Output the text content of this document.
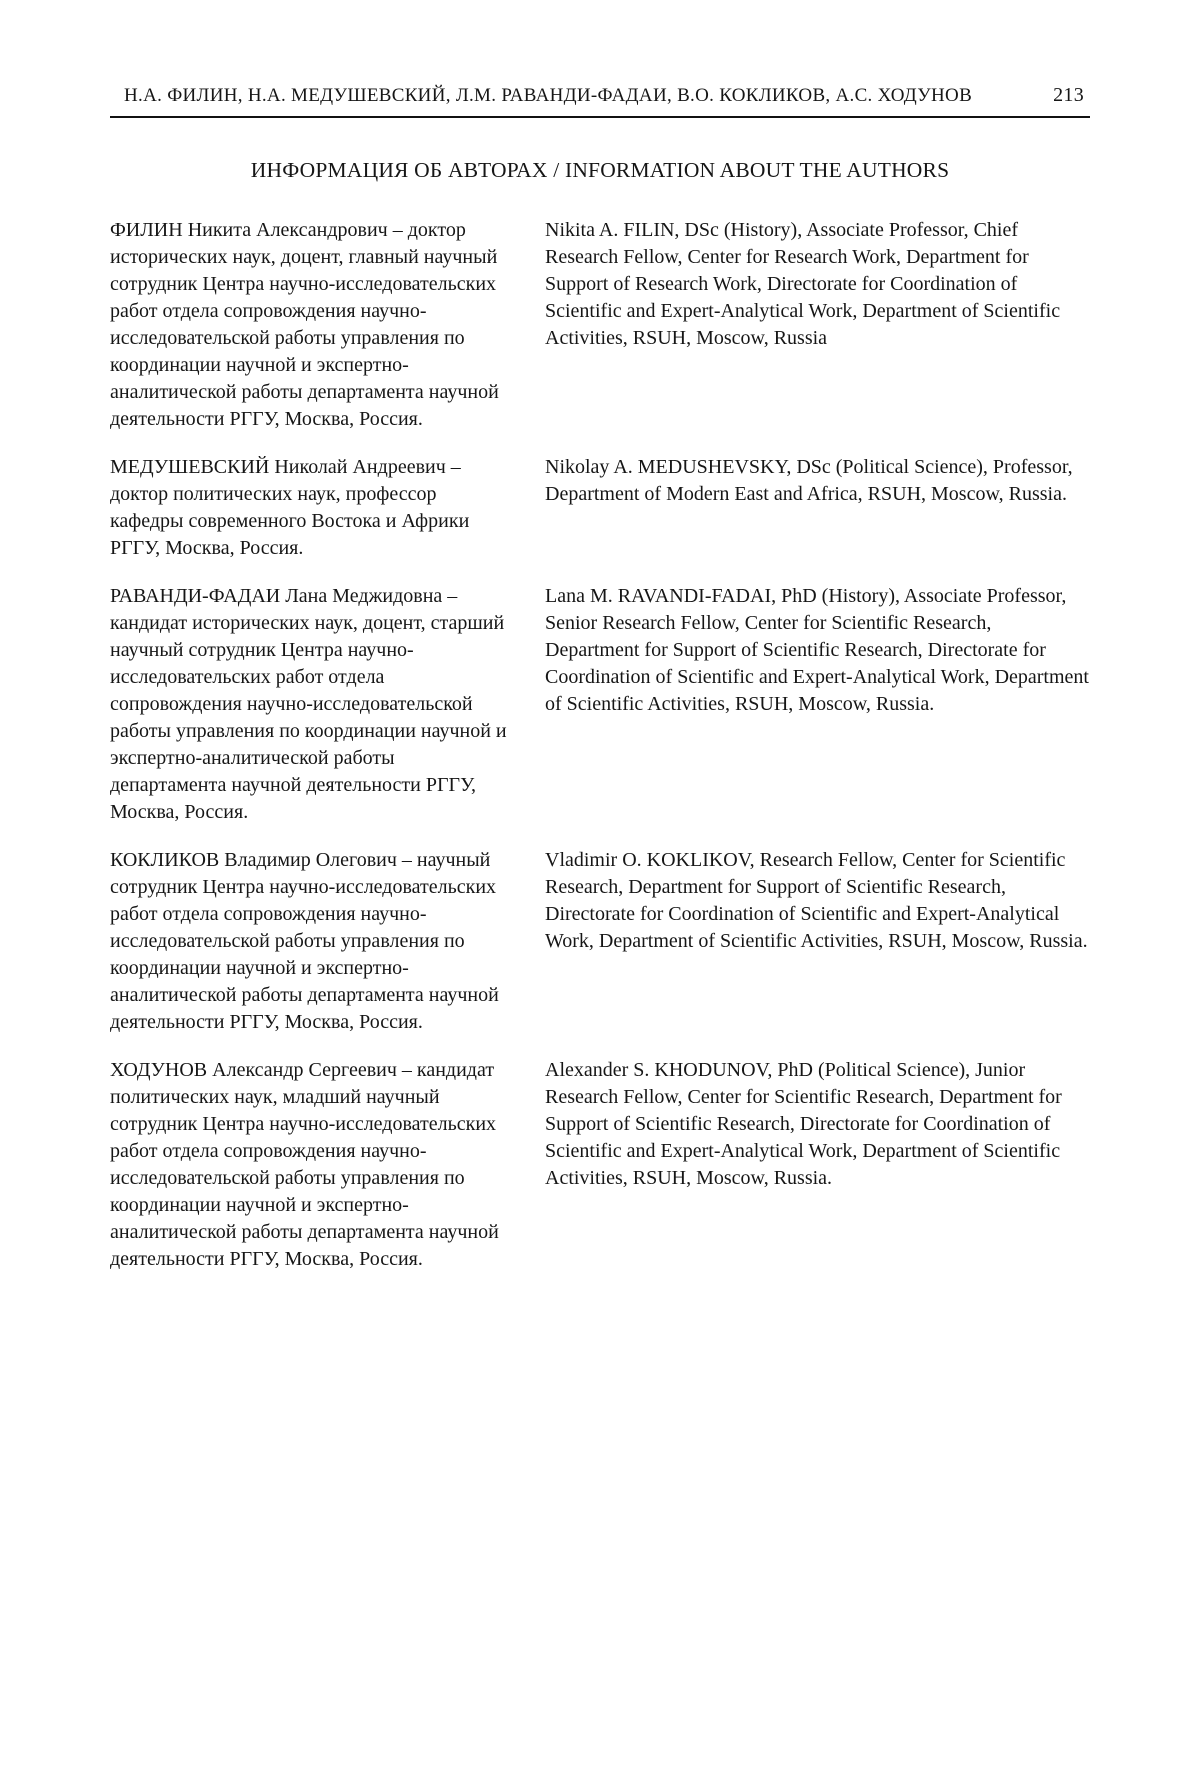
Н.А. ФИЛИН, Н.А. МЕДУШЕВСКИЙ, Л.М. РАВАНДИ-ФАДАИ, В.О. КОКЛИКОВ, А.С. ХОДУНОВ	213
ИНФОРМАЦИЯ ОБ АВТОРАХ / INFORMATION ABOUT THE AUTHORS

ФИЛИН Никита Александрович – доктор исторических наук, доцент, главный научный сотрудник Центра научно-исследовательских работ отдела сопровождения научно-исследовательской работы управления по координации научной и экспертно-аналитической работы департамента научной деятельности РГГУ, Москва, Россия.

Nikita A. FILIN, DSc (History), Associate Professor, Chief Research Fellow, Center for Research Work, Department for Support of Research Work, Directorate for Coordination of Scientific and Expert-Analytical Work, Department of Scientific Activities, RSUH, Moscow, Russia

МЕДУШЕВСКИЙ Николай Андреевич – доктор политических наук, профессор кафедры современного Востока и Африки РГГУ, Москва, Россия.

Nikolay A. MEDUSHEVSKY, DSc (Political Science), Professor, Department of Modern East and Africa, RSUH, Moscow, Russia.

РАВАНДИ-ФАДАИ Лана Меджидовна – кандидат исторических наук, доцент, старший научный сотрудник Центра научно-исследовательских работ отдела сопровождения научно-исследовательской работы управления по координации научной и экспертно-аналитической работы департамента научной деятельности РГГУ, Москва, Россия.

Lana M. RAVANDI-FADAI, PhD (History), Associate Professor, Senior Research Fellow, Center for Scientific Research, Department for Support of Scientific Research, Directorate for Coordination of Scientific and Expert-Analytical Work, Department of Scientific Activities, RSUH, Moscow, Russia.

КОКЛИКОВ Владимир Олегович – научный сотрудник Центра научно-исследовательских работ отдела сопровождения научно-исследовательской работы управления по координации научной и экспертно-аналитической работы департамента научной деятельности РГГУ, Москва, Россия.

Vladimir O. KOKLIKOV, Research Fellow, Center for Scientific Research, Department for Support of Scientific Research, Directorate for Coordination of Scientific and Expert-Analytical Work, Department of Scientific Activities, RSUH, Moscow, Russia.

ХОДУНОВ Александр Сергеевич – кандидат политических наук, младший научный сотрудник Центра научно-исследовательских работ отдела сопровождения научно-исследовательской работы управления по координации научной и экспертно-аналитической работы департамента научной деятельности РГГУ, Москва, Россия.

Alexander S. KHODUNOV, PhD (Political Science), Junior Research Fellow, Center for Scientific Research, Department for Support of Scientific Research, Directorate for Coordination of Scientific and Expert-Analytical Work, Department of Scientific Activities, RSUH, Moscow, Russia.
